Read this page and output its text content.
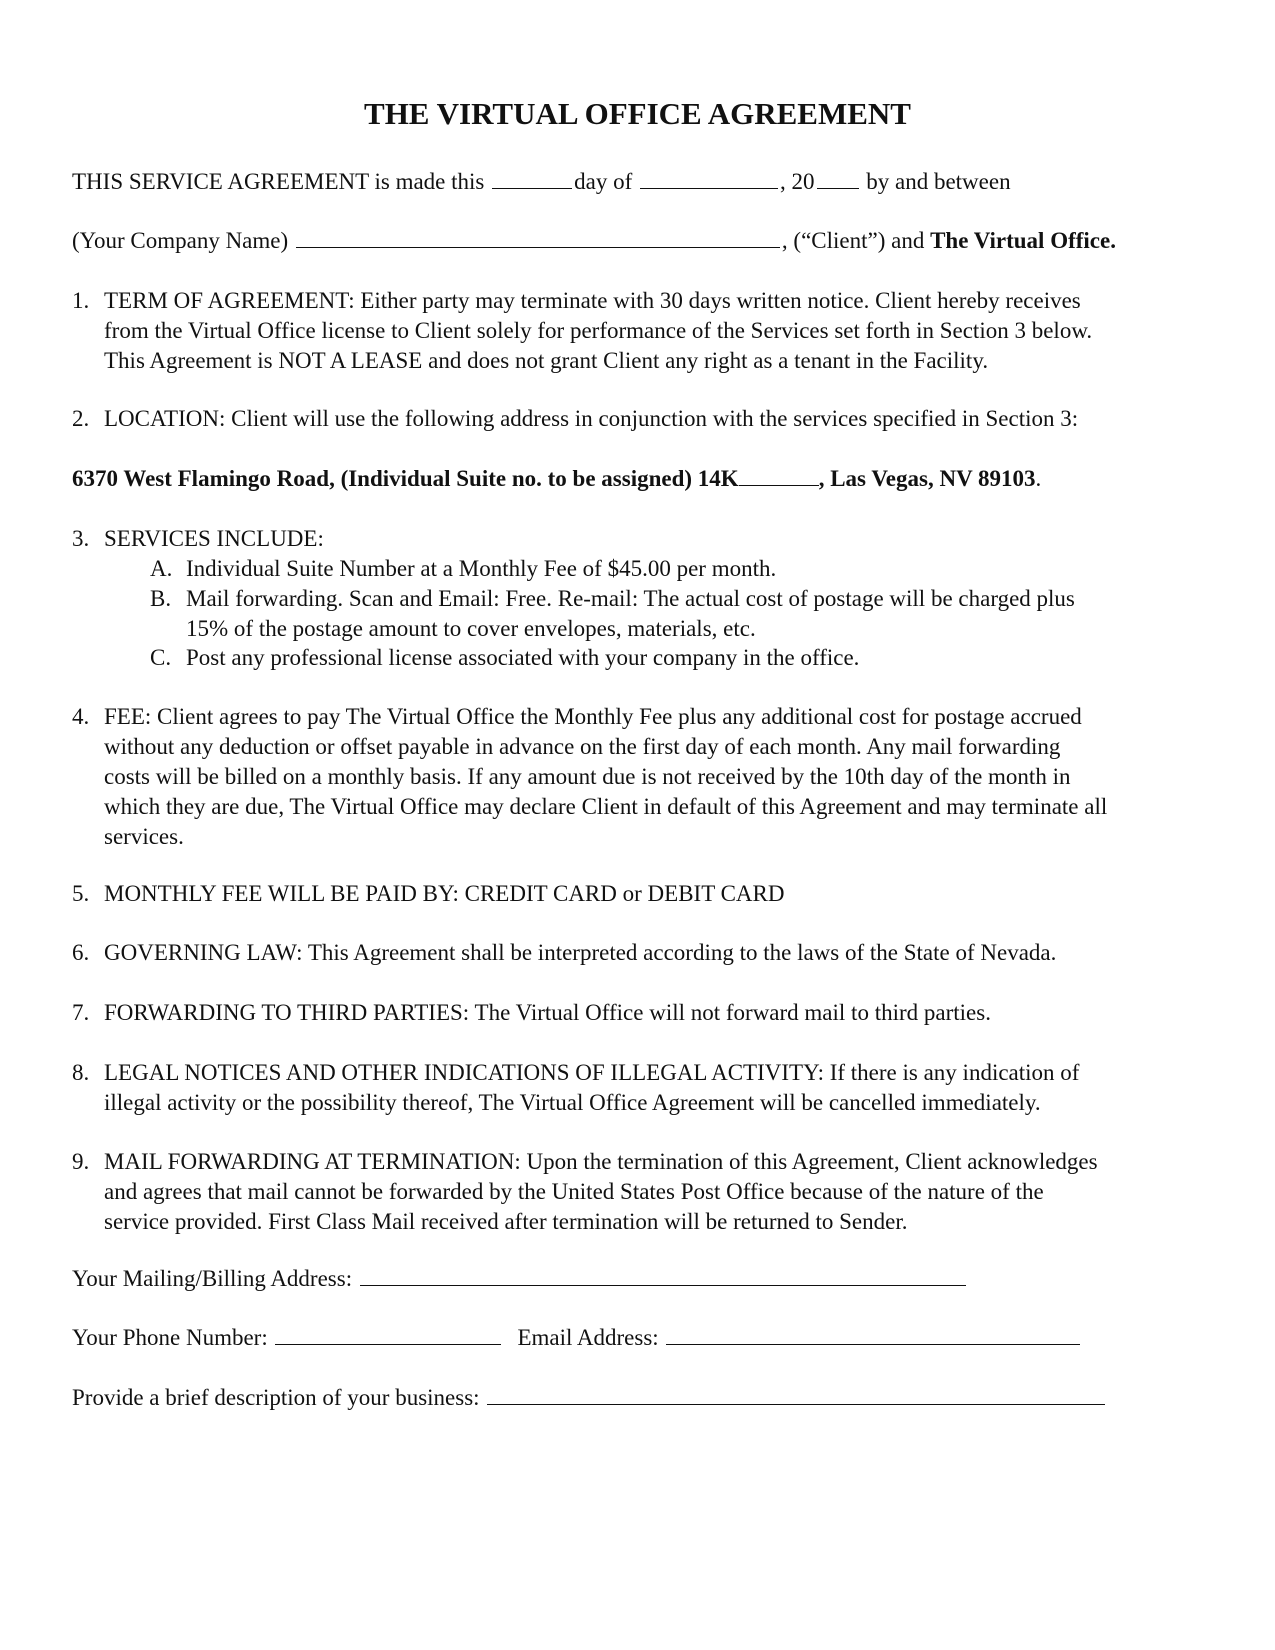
THE VIRTUAL OFFICE AGREEMENT
THIS SERVICE AGREEMENT is made this	day of	, 20 by and between
(Your Company Name)	, (“Client”) and The Virtual Office.
1. TERM OF AGREEMENT: Either party may terminate with 30 days written notice. Client hereby receives
from the Virtual Office license to Client solely for performance of the Services set forth in Section 3 below.
This Agreement is NOT A LEASE and does not grant Client any right as a tenant in the Facility.
2. LOCATION: Client will use the following address in conjunction with the services specified in Section 3:
6370 West Flamingo Road, (Individual Suite no. to be assigned) 14K	, Las Vegas, NV 89103.
3. SERVICES INCLUDE:
A. Individual Suite Number at a Monthly Fee of $45.00 per month.
B. Mail forwarding. Scan and Email: Free. Re-mail: The actual cost of postage will be charged plus
15% of the postage amount to cover envelopes, materials, etc.
C. Post any professional license associated with your company in the office.
4. FEE: Client agrees to pay The Virtual Office the Monthly Fee plus any additional cost for postage accrued
without any deduction or offset payable in advance on the first day of each month. Any mail forwarding
costs will be billed on a monthly basis. If any amount due is not received by the 10th day of the month in
which they are due, The Virtual Office may declare Client in default of this Agreement and may terminate all
services.
5. MONTHLY FEE WILL BE PAID BY: CREDIT CARD or DEBIT CARD
6. GOVERNING LAW: This Agreement shall be interpreted according to the laws of the State of Nevada.
7. FORWARDING TO THIRD PARTIES: The Virtual Office will not forward mail to third parties.
8. LEGAL NOTICES AND OTHER INDICATIONS OF ILLEGAL ACTIVITY: If there is any indication of
illegal activity or the possibility thereof, The Virtual Office Agreement will be cancelled immediately.
9. MAIL FORWARDING AT TERMINATION: Upon the termination of this Agreement, Client acknowledges
and agrees that mail cannot be forwarded by the United States Post Office because of the nature of the
service provided. First Class Mail received after termination will be returned to Sender.
Your Mailing/Billing Address:
Your Phone Number:	Email Address:
Provide a brief description of your business:
